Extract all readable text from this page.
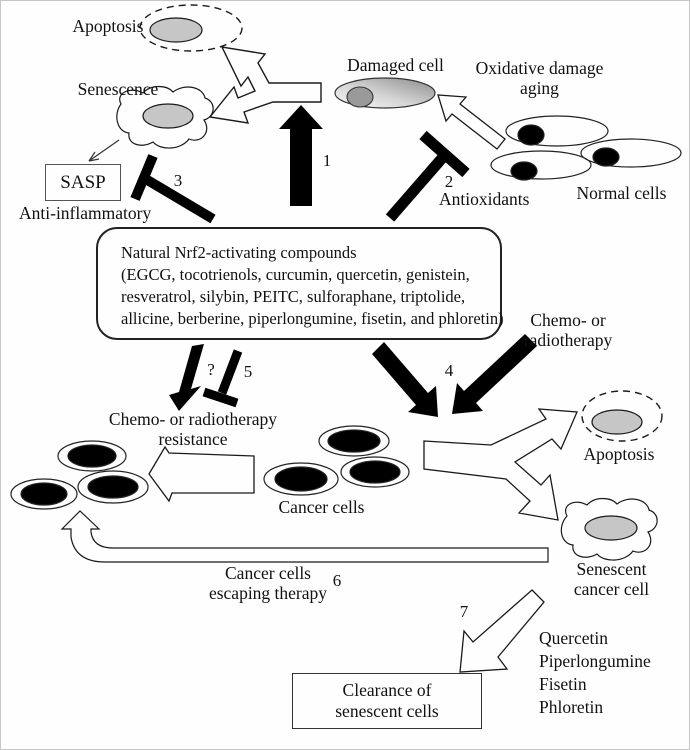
Apoptosis
Senescence
SASP
Anti-inflammatory
Damaged cell	Oxidative damage
aging
Normal cells
2
Antioxidants
1
3
Natural Nrf2-activating compounds
(EGCG, tocotrienols, curcumin, quercetin, genistein,
resveratrol, silybin, PEITC, sulforaphane, triptolide,
allicine, berberine, piperlongumine, fisetin, and phloretin)	Chemo- or
radiotherapy
?	5	4
Chemo- or radiotherapy
resistance
Cancer cells
Apoptosis
Senescent
cancer cell
Cancer cells
escaping therapy
6
7
Quercetin
Piperlongumine
Fisetin
Phloretin
Clearance of
senescent cells
